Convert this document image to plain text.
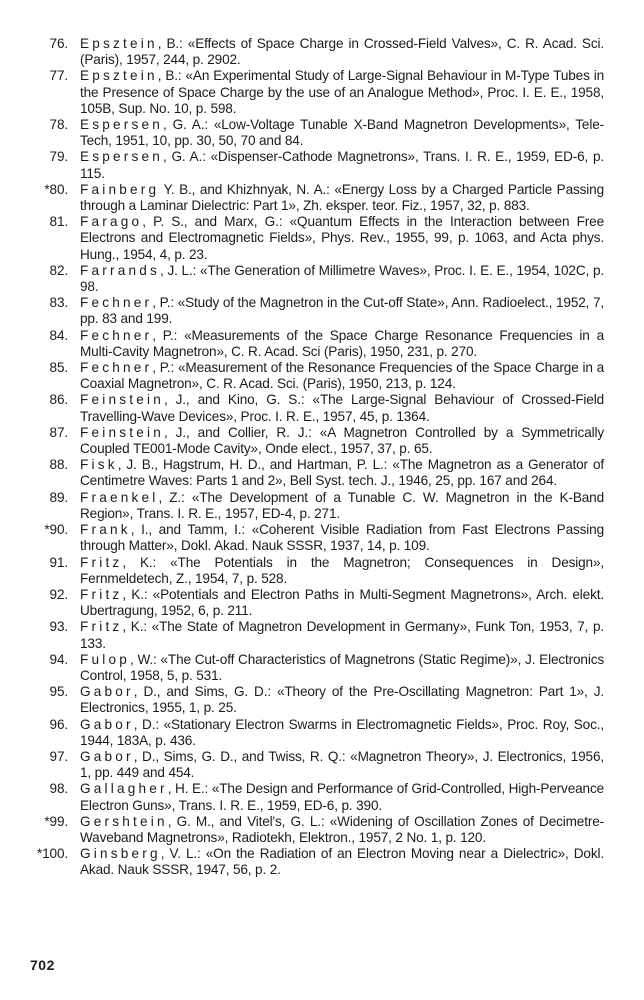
76. Epsztein, B.: «Effects of Space Charge in Crossed-Field Valves», C. R. Acad. Sci. (Paris), 1957, 244, p. 2902.
77. Epsztein, B.: «An Experimental Study of Large-Signal Behaviour in M-Type Tubes in the Presence of Space Charge by the use of an Analogue Method», Proc. I. E. E., 1958, 105B, Sup. No. 10, p. 598.
78. Espersen, G. A.: «Low-Voltage Tunable X-Band Magnetron Developments», Tele-Tech, 1951, 10, pp. 30, 50, 70 and 84.
79. Espersen, G. A.: «Dispenser-Cathode Magnetrons», Trans. I. R. E., 1959, ED-6, p. 115.
*80. Fainberg Y. B., and Khizhnyak, N. A.: «Energy Loss by a Charged Particle Passing through a Laminar Dielectric: Part 1», Zh. eksper. teor. Fiz., 1957, 32, p. 883.
81. Farago, P. S., and Marx, G.: «Quantum Effects in the Interaction between Free Electrons and Electromagnetic Fields», Phys. Rev., 1955, 99, p. 1063, and Acta phys. Hung., 1954, 4, p. 23.
82. Farrands, J. L.: «The Generation of Millimetre Waves», Proc. I. E. E., 1954, 102C, p. 98.
83. Fechner, P.: «Study of the Magnetron in the Cut-off State», Ann. Radioelect., 1952, 7, pp. 83 and 199.
84. Fechner, P.: «Measurements of the Space Charge Resonance Frequencies in a Multi-Cavity Magnetron», C. R. Acad. Sci (Paris), 1950, 231, p. 270.
85. Fechner, P.: «Measurement of the Resonance Frequencies of the Space Charge in a Coaxial Magnetron», C. R. Acad. Sci. (Paris), 1950, 213, p. 124.
86. Feinstein, J., and Kino, G. S.: «The Large-Signal Behaviour of Crossed-Field Travelling-Wave Devices», Proc. I. R. E., 1957, 45, p. 1364.
87. Feinstein, J., and Collier, R. J.: «A Magnetron Controlled by a Symmetrically Coupled TE001-Mode Cavity», Onde elect., 1957, 37, p. 65.
88. Fisk, J. B., Hagstrum, H. D., and Hartman, P. L.: «The Magnetron as a Generator of Centimetre Waves: Parts 1 and 2», Bell Syst. tech. J., 1946, 25, pp. 167 and 264.
89. Fraenkel, Z.: «The Development of a Tunable C. W. Magnetron in the K-Band Region», Trans. I. R. E., 1957, ED-4, p. 271.
*90. Frank, I., and Tamm, I.: «Coherent Visible Radiation from Fast Electrons Passing through Matter», Dokl. Akad. Nauk SSSR, 1937, 14, p. 109.
91. Fritz, K.: «The Potentials in the Magnetron; Consequences in Design», Fernmeldetech, Z., 1954, 7, p. 528.
92. Fritz, K.: «Potentials and Electron Paths in Multi-Segment Magnetrons», Arch. elekt. Ubertragung, 1952, 6, p. 211.
93. Fritz, K.: «The State of Magnetron Development in Germany», Funk Ton, 1953, 7, p. 133.
94. Fulop, W.: «The Cut-off Characteristics of Magnetrons (Static Regime)», J. Electronics Control, 1958, 5, p. 531.
95. Gabor, D., and Sims, G. D.: «Theory of the Pre-Oscillating Magnetron: Part 1», J. Electronics, 1955, 1, p. 25.
96. Gabor, D.: «Stationary Electron Swarms in Electromagnetic Fields», Proc. Roy, Soc., 1944, 183A, p. 436.
97. Gabor, D., Sims, G. D., and Twiss, R. Q.: «Magnetron Theory», J. Electronics, 1956, 1, pp. 449 and 454.
98. Gallagher, H. E.: «The Design and Performance of Grid-Controlled, High-Perveance Electron Guns», Trans. I. R. E., 1959, ED-6, p. 390.
*99. Gershtein, G. M., and Vitel's, G. L.: «Widening of Oscillation Zones of Decimetre-Waveband Magnetrons», Radiotekh, Elektron., 1957, 2 No. 1, p. 120.
*100. Ginsberg, V. L.: «On the Radiation of an Electron Moving near a Dielectric», Dokl. Akad. Nauk SSSR, 1947, 56, p. 2.
702
